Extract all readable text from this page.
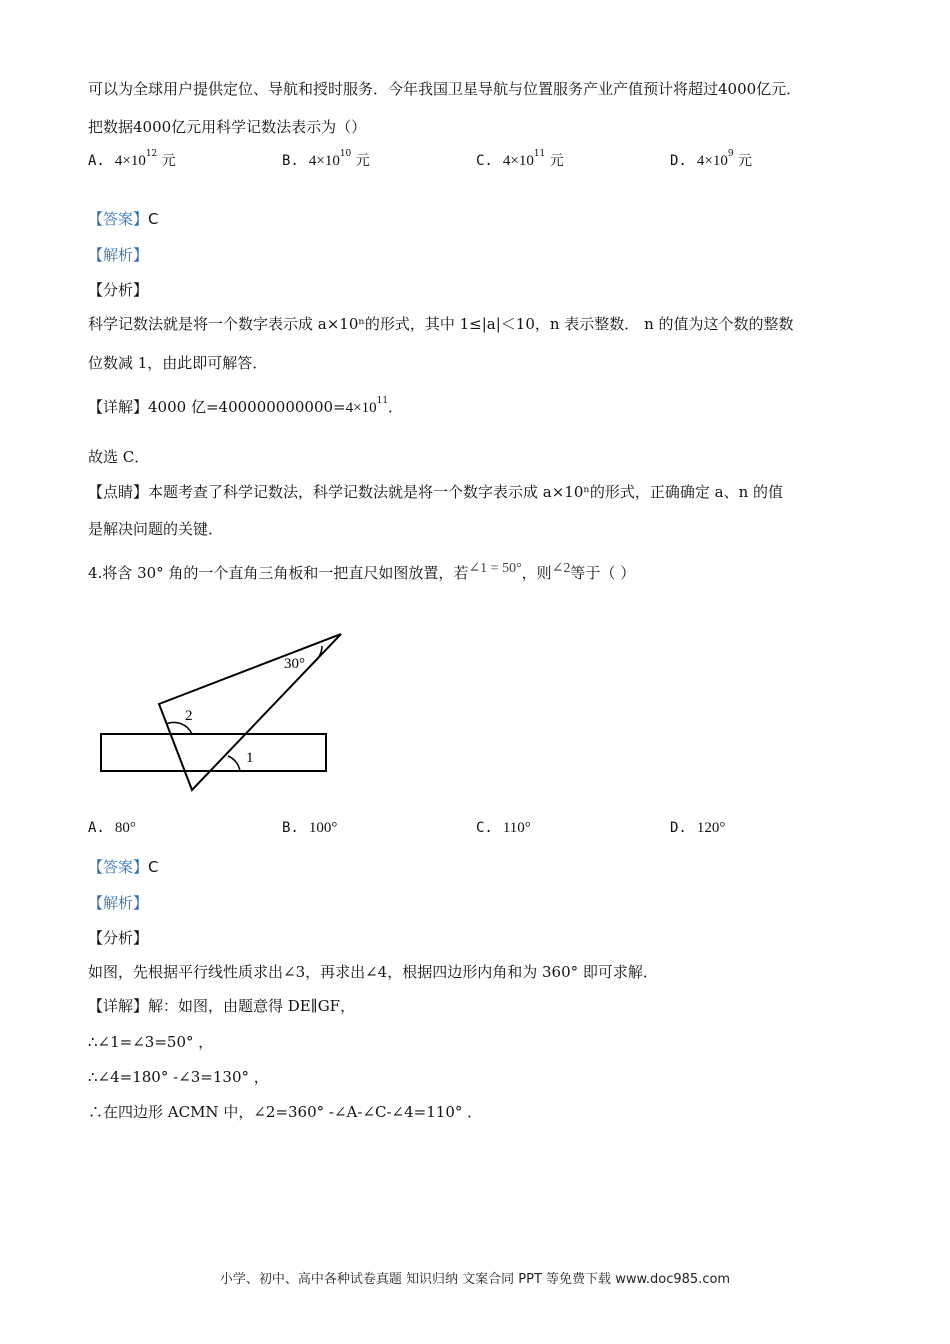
可以为全球用户提供定位、导航和授时服务．今年我国卫星导航与位置服务产业产值预计将超过4000亿元．
把数据4000亿元用科学记数法表示为（）
A. $4\times 10^{12}$ 元	B. $4\times 10^{10}$ 元	C. $4\times 10^{11}$ 元	D. $4\times 10^9$ 元
【答案】C
【解析】
【分析】
科学记数法就是将一个数字表示成 a×10ⁿ的形式，其中 1≤|a|＜10，n 表示整数． n 的值为这个数的整数
位数减 1，由此即可解答．
【详解】4000 亿$=400000000000=4\times 10^{11}$．
故选 C．
【点睛】本题考查了科学记数法，科学记数法就是将一个数字表示成 a×10ⁿ的形式，正确确定 a、n 的值
是解决问题的关键．
4.将含 30° 角的一个直角三角板和一把直尺如图放置，若∠1 = 50°，则∠2等于（ ）
30°
2
1
A. 80°	B. 100°	C. 110°	D. 120°
【答案】C
【解析】
【分析】
如图，先根据平行线性质求出∠3，再求出∠4，根据四边形内角和为 360° 即可求解．
【详解】解：如图，由题意得 DE∥GF，
∴∠1=∠3=50° ，
∴∠4=180° -∠3=130° ，
∴在四边形 ACMN 中，∠2=360° -∠A-∠C-∠4=110° ．
小学、初中、高中各种试卷真题 知识归纳 文案合同 PPT 等免费下载 www.doc985.com
